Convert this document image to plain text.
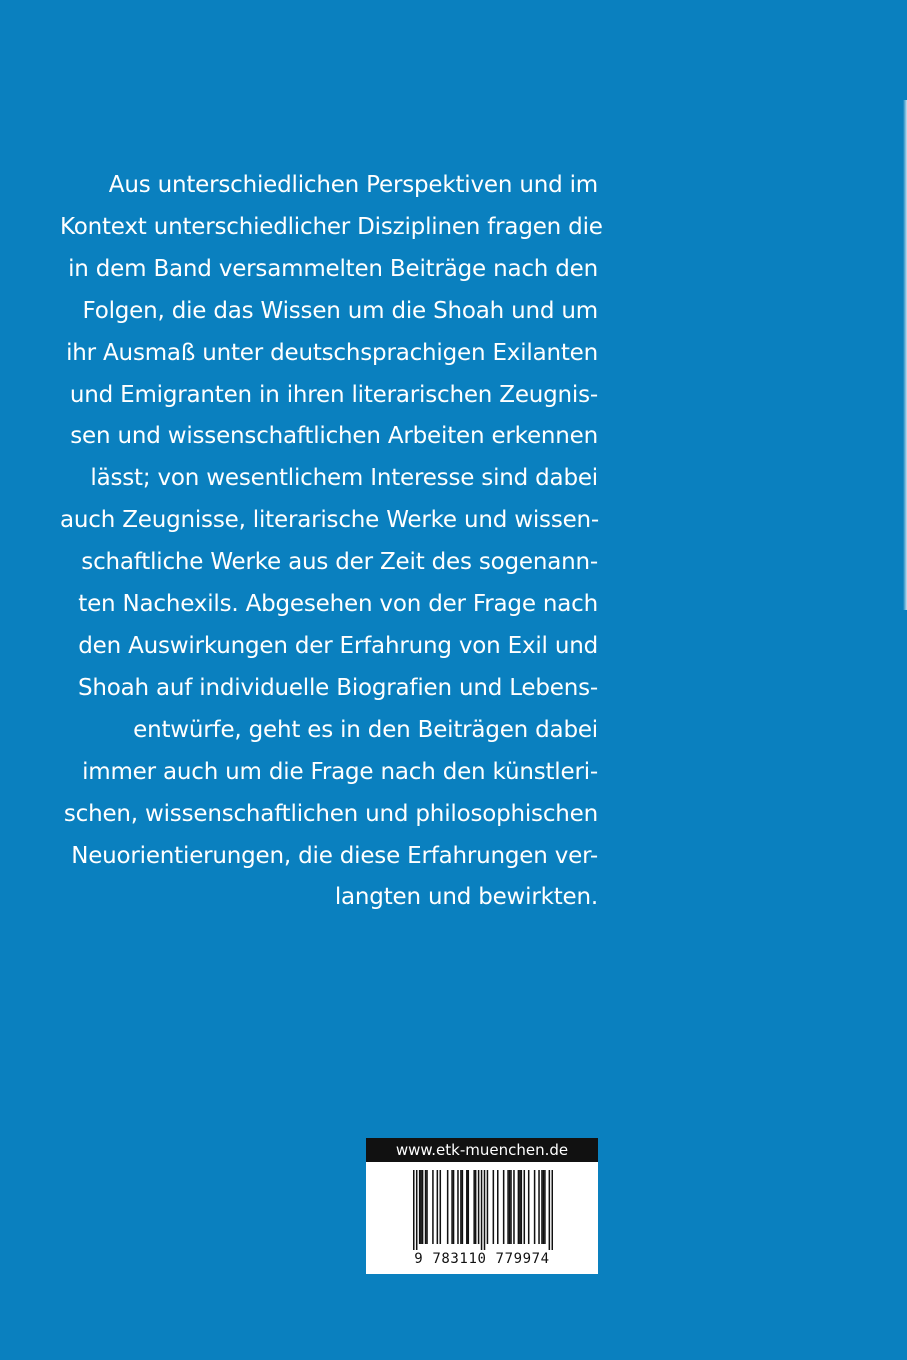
Aus unterschiedlichen Perspektiven und im
Kontext unterschiedlicher Disziplinen fragen die
in dem Band versammelten Beiträge nach den
Folgen, die das Wissen um die Shoah und um
ihr Ausmaß unter deutschsprachigen Exilanten
und Emigranten in ihren literarischen Zeugnis-
sen und wissenschaftlichen Arbeiten erkennen
lässt; von wesentlichem Interesse sind dabei
auch Zeugnisse, literarische Werke und wissen-
schaftliche Werke aus der Zeit des sogenann-
ten Nachexils. Abgesehen von der Frage nach
den Auswirkungen der Erfahrung von Exil und
Shoah auf individuelle Biografien und Lebens-
entwürfe, geht es in den Beiträgen dabei
immer auch um die Frage nach den künstleri-
schen, wissenschaftlichen und philosophischen
Neuorientierungen, die diese Erfahrungen ver-
langten und bewirkten.
www.etk-muenchen.de
9 783110 779974
